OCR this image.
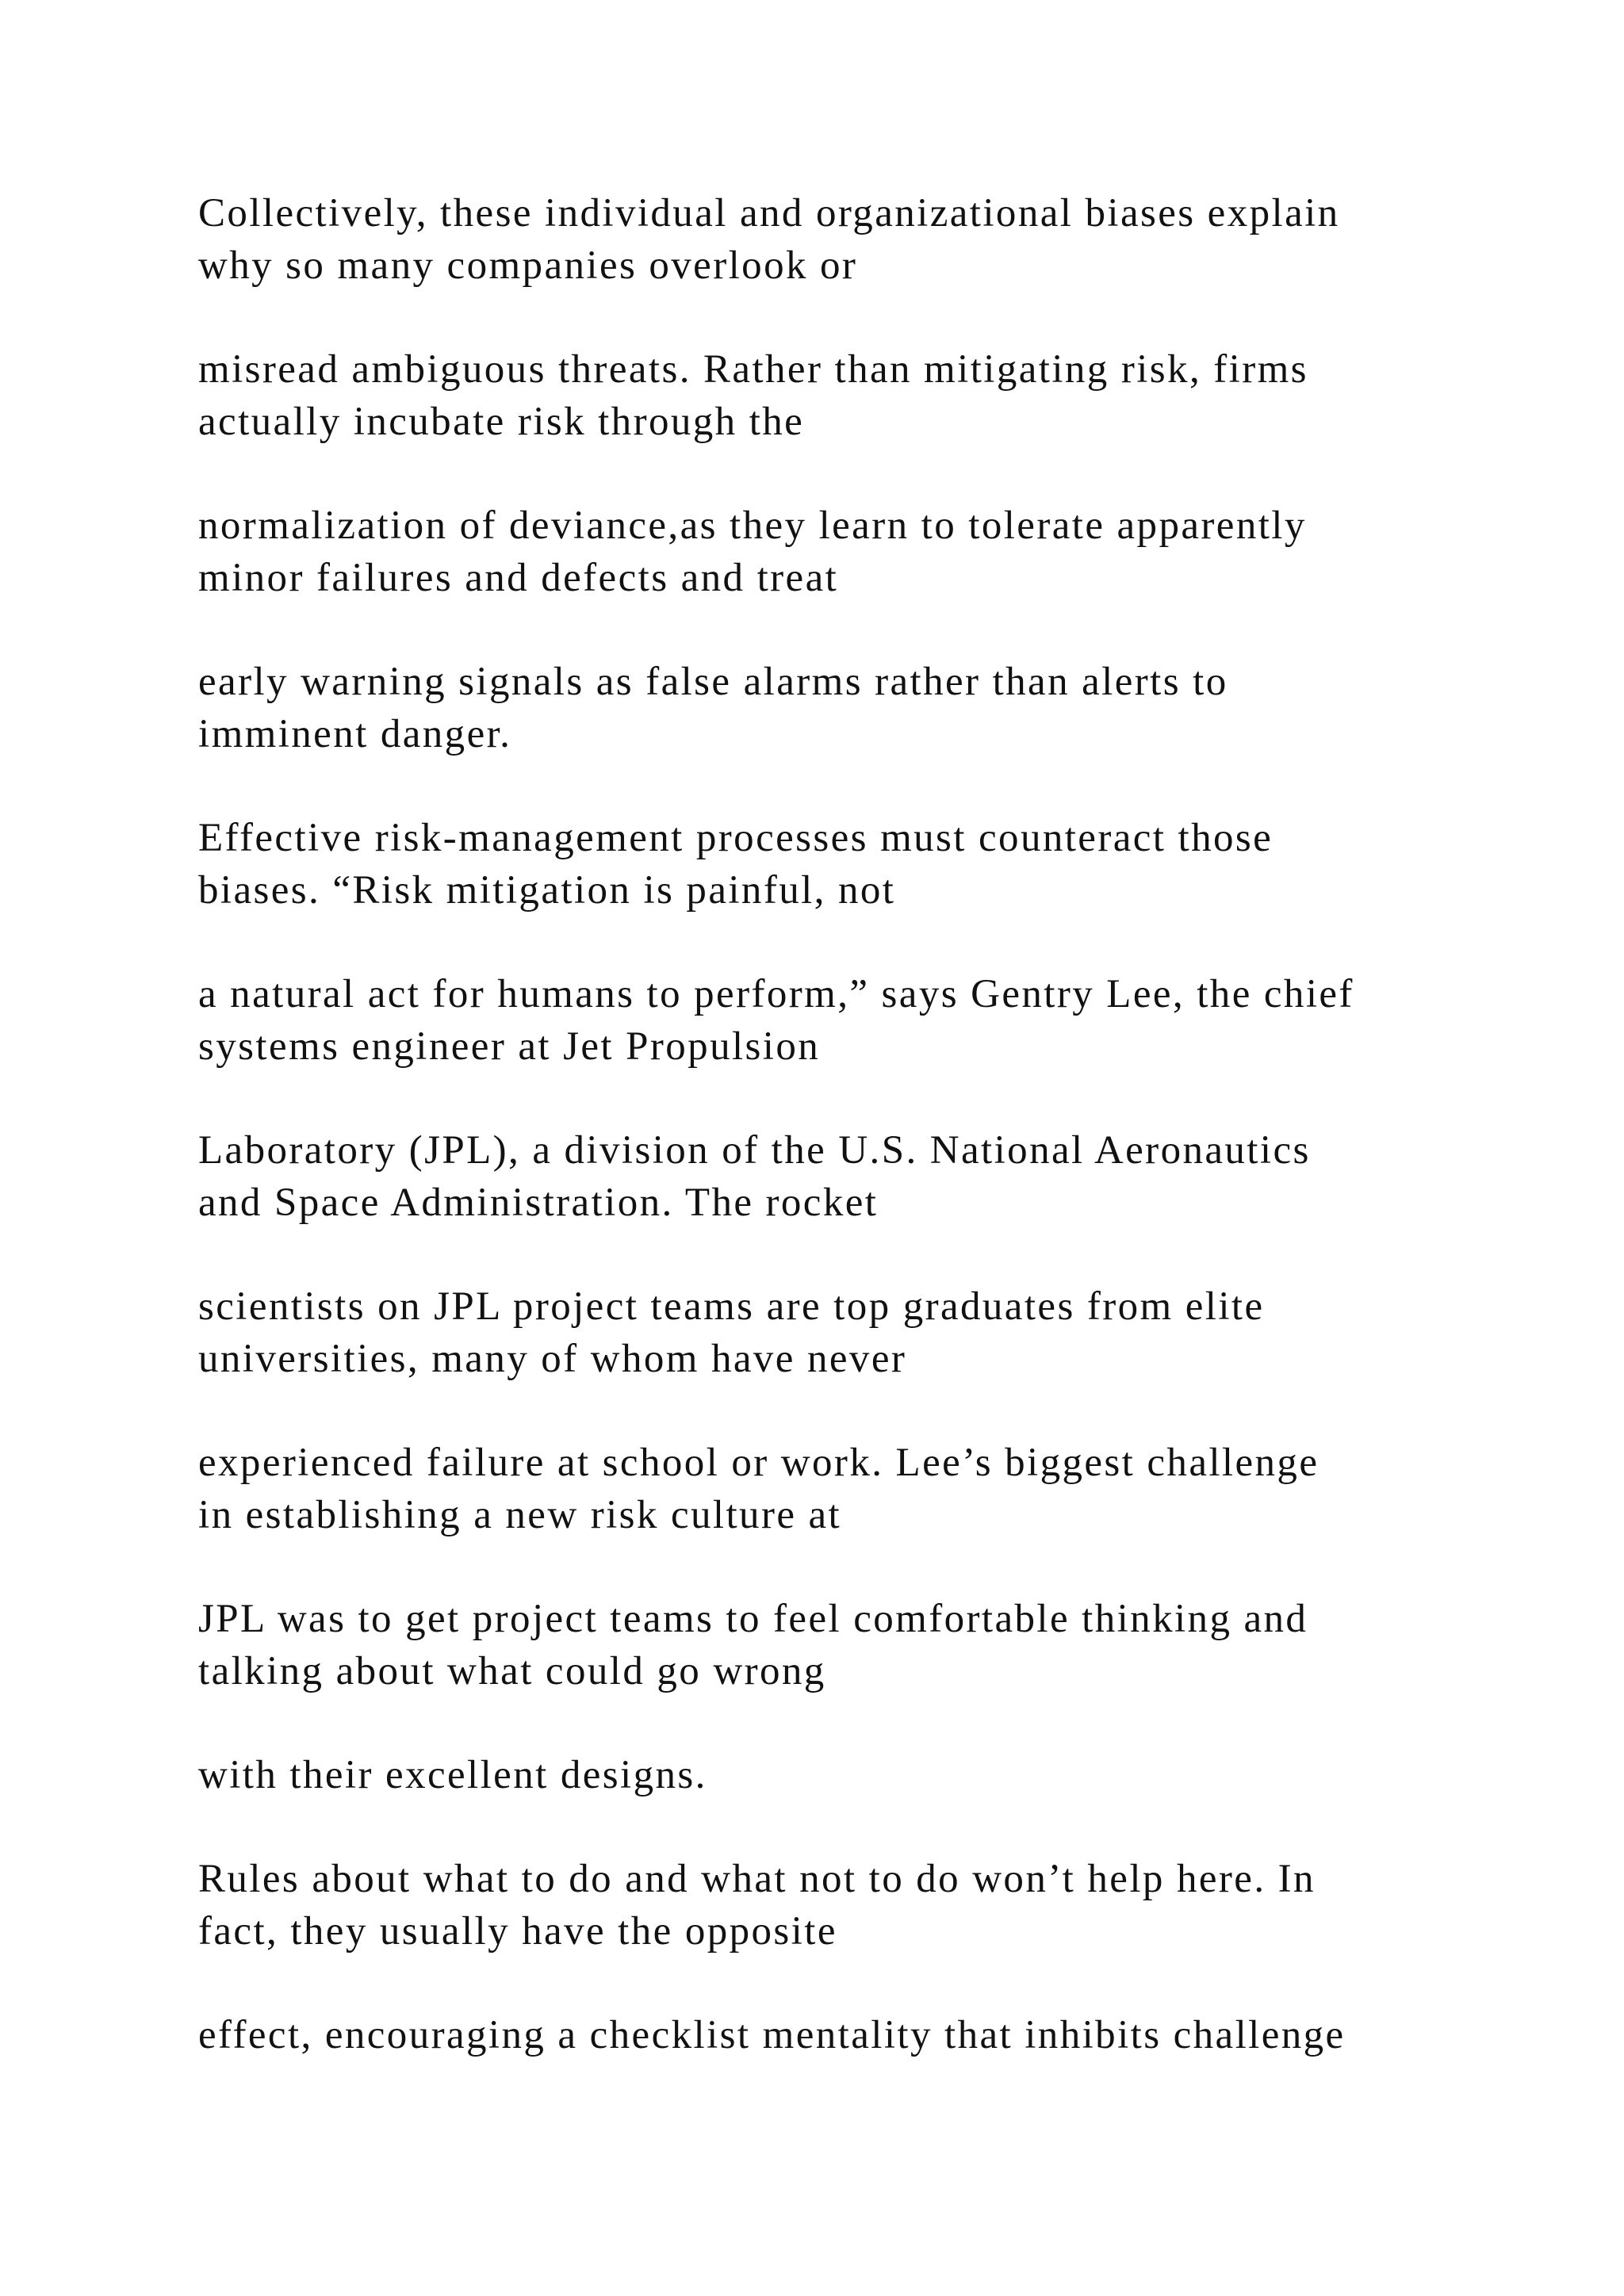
Collectively, these individual and organizational biases explain
why so many companies overlook or

misread ambiguous threats. Rather than mitigating risk, firms
actually incubate risk through the

normalization of deviance,as they learn to tolerate apparently
minor failures and defects and treat

early warning signals as false alarms rather than alerts to
imminent danger.

Effective risk-management processes must counteract those
biases. “Risk mitigation is painful, not

a natural act for humans to perform,” says Gentry Lee, the chief
systems engineer at Jet Propulsion

Laboratory (JPL), a division of the U.S. National Aeronautics
and Space Administration. The rocket

scientists on JPL project teams are top graduates from elite
universities, many of whom have never

experienced failure at school or work. Lee’s biggest challenge
in establishing a new risk culture at

JPL was to get project teams to feel comfortable thinking and
talking about what could go wrong

with their excellent designs.

Rules about what to do and what not to do won’t help here. In
fact, they usually have the opposite

effect, encouraging a checklist mentality that inhibits challenge
